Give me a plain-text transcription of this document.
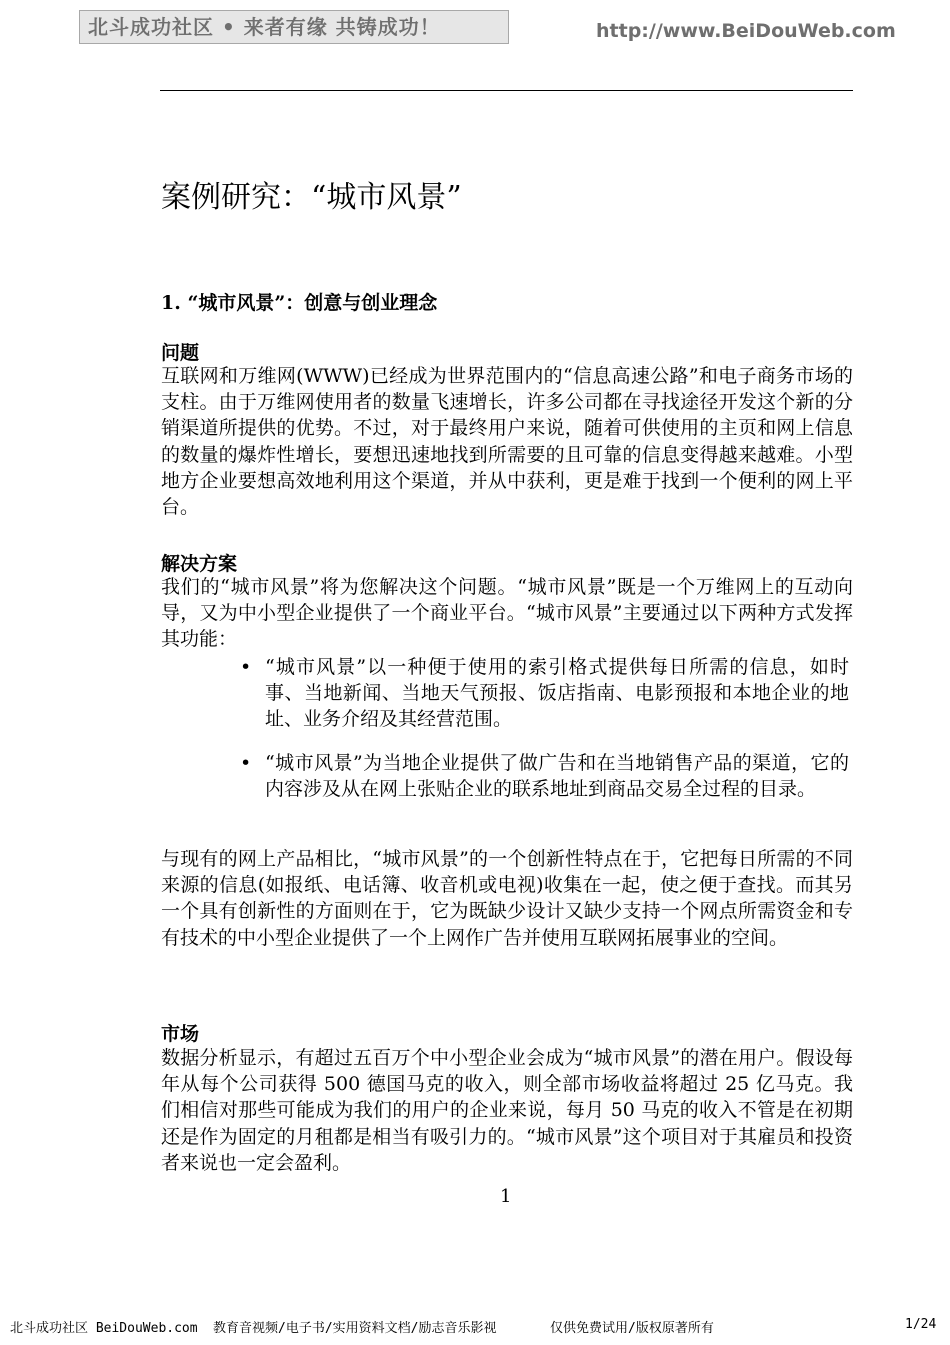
北斗成功社区 • 来者有缘 共铸成功！	http://www.BeiDouWeb.com
案例研究：“城市风景”
1. “城市风景”：创意与创业理念
问题

互联网和万维网(WWW)已经成为世界范围内的“信息高速公路”和电子商务市场的支柱。由于万维网使用者的数量飞速增长，许多公司都在寻找途径开发这个新的分销渠道所提供的优势。不过，对于最终用户来说，随着可供使用的主页和网上信息的数量的爆炸性增长，要想迅速地找到所需要的且可靠的信息变得越来越难。小型地方企业要想高效地利用这个渠道，并从中获利，更是难于找到一个便利的网上平台。

解决方案

我们的“城市风景”将为您解决这个问题。“城市风景”既是一个万维网上的互动向导，又为中小型企业提供了一个商业平台。“城市风景”主要通过以下两种方式发挥其功能：

• “城市风景”以一种便于使用的索引格式提供每日所需的信息，如时事、当地新闻、当地天气预报、饭店指南、电影预报和本地企业的地址、业务介绍及其经营范围。

• “城市风景”为当地企业提供了做广告和在当地销售产品的渠道，它的内容涉及从在网上张贴企业的联系地址到商品交易全过程的目录。

与现有的网上产品相比，“城市风景”的一个创新性特点在于，它把每日所需的不同来源的信息(如报纸、电话簿、收音机或电视)收集在一起，使之便于查找。而其另一个具有创新性的方面则在于，它为既缺少设计又缺少支持一个网点所需资金和专有技术的中小型企业提供了一个上网作广告并使用互联网拓展事业的空间。

市场

数据分析显示，有超过五百万个中小型企业会成为“城市风景”的潜在用户。假设每年从每个公司获得 500 德国马克的收入，则全部市场收益将超过 25 亿马克。我们相信对那些可能成为我们的用户的企业来说，每月 50 马克的收入不管是在初期还是作为固定的月租都是相当有吸引力的。“城市风景”这个项目对于其雇员和投资者来说也一定会盈利。

1
北斗成功社区 BeiDouWeb.com 教育音视频/电子书/实用资料文档/励志音乐影视	仅供免费试用/版权原著所有	1/24
